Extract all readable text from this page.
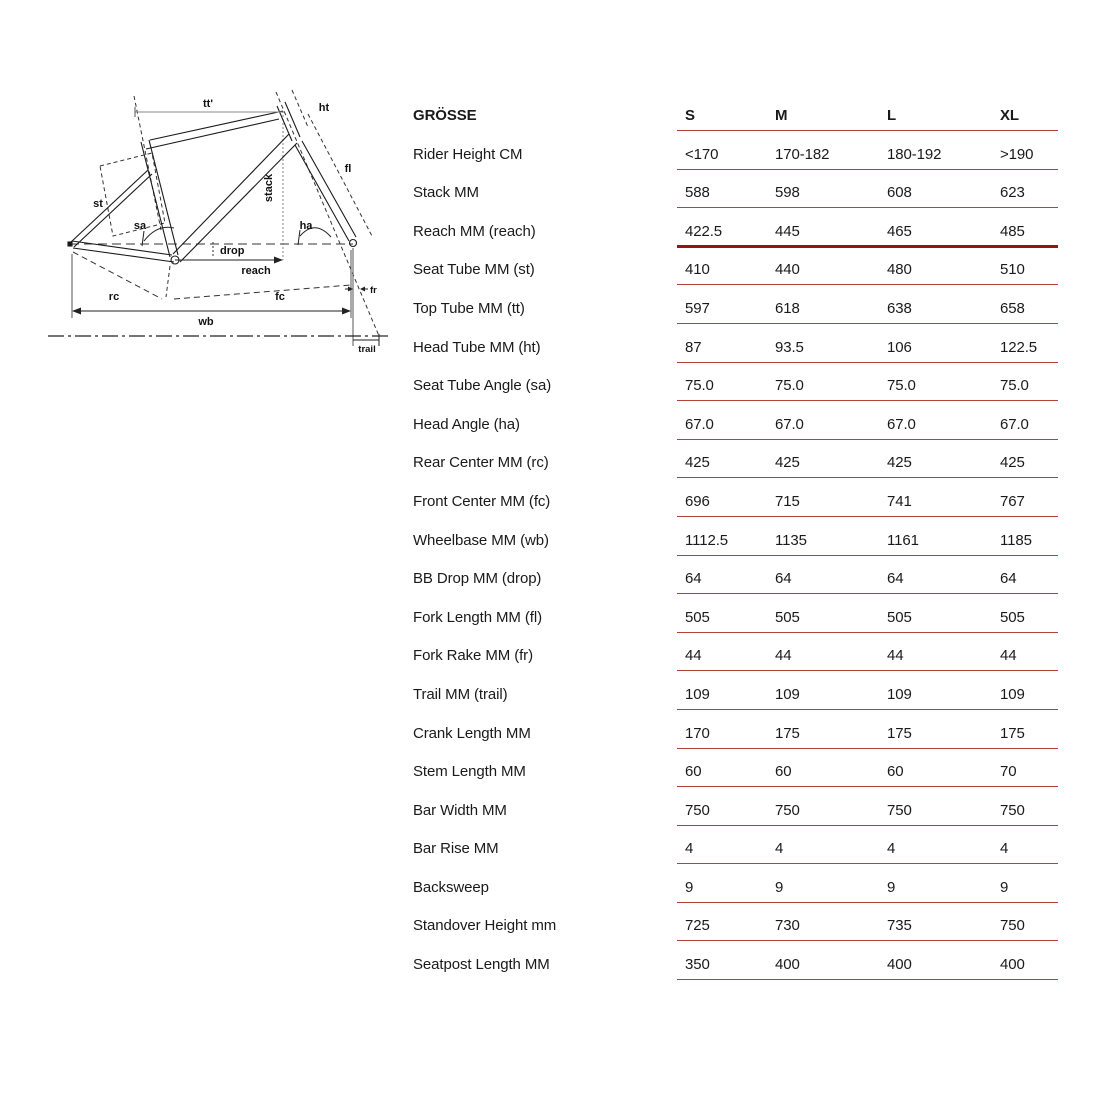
tt'	ht
fl
stack
st
sa	ha
drop
reach
rc	fc
wb
fr
trail
GRÖSSE	S	M	L	XL
Rider Height CM	<170	170-182	180-192	>190
Stack MM	588	598	608	623
Reach MM (reach)	422.5	445	465	485
Seat Tube MM (st)	410	440	480	510
Top Tube MM (tt)	597	618	638	658
Head Tube MM (ht)	87	93.5	106	122.5
Seat Tube Angle (sa)	75.0	75.0	75.0	75.0
Head Angle (ha)	67.0	67.0	67.0	67.0
Rear Center MM (rc)	425	425	425	425
Front Center MM (fc)	696	715	741	767
Wheelbase MM (wb)	1112.5	1135	1161	1185
BB Drop MM (drop)	64	64	64	64
Fork Length MM (fl)	505	505	505	505
Fork Rake MM (fr)	44	44	44	44
Trail MM (trail)	109	109	109	109
Crank Length MM	170	175	175	175
Stem Length MM	60	60	60	70
Bar Width MM	750	750	750	750
Bar Rise MM	4	4	4	4
Backsweep	9	9	9	9
Standover Height mm	725	730	735	750
Seatpost Length MM	350	400	400	400
